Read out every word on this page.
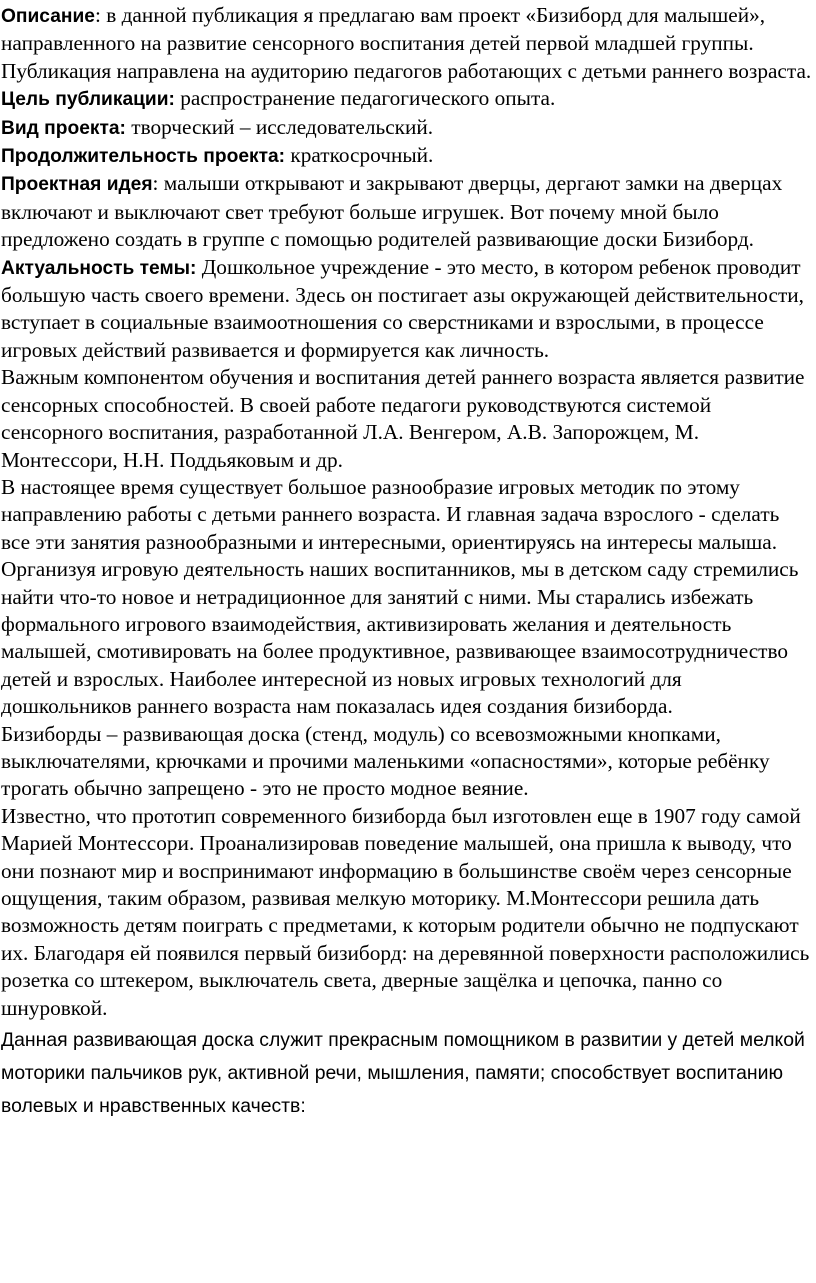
Описание: в данной публикация я предлагаю вам проект «Бизиборд для малышей», направленного на развитие сенсорного воспитания детей первой младшей группы. Публикация направлена на аудиторию педагогов работающих с детьми раннего возраста.

Цель публикации: распространение педагогического опыта.

Вид проекта: творческий – исследовательский.

Продолжительность проекта: краткосрочный.

Проектная идея: малыши открывают и закрывают дверцы, дергают замки на дверцах включают и выключают свет требуют больше игрушек. Вот почему мной было предложено создать в группе с помощью родителей развивающие доски Бизиборд.

Актуальность темы: Дошкольное учреждение - это место, в котором ребенок проводит большую часть своего времени. Здесь он постигает азы окружающей действительности, вступает в социальные взаимоотношения со сверстниками и взрослыми, в процессе игровых действий развивается и формируется как личность.

Важным компонентом обучения и воспитания детей раннего возраста является развитие сенсорных способностей. В своей работе педагоги руководствуются системой сенсорного воспитания, разработанной Л.А. Венгером, А.В. Запорожцем, М. Монтессори, Н.Н. Поддьяковым и др.

В настоящее время существует большое разнообразие игровых методик по этому направлению работы с детьми раннего возраста. И главная задача взрослого - сделать все эти занятия разнообразными и интересными, ориентируясь на интересы малыша.

Организуя игровую деятельность наших воспитанников, мы в детском саду стремились найти что-то новое и нетрадиционное для занятий с ними. Мы старались избежать формального игрового взаимодействия, активизировать желания и деятельность малышей, смотивировать на более продуктивное, развивающее взаимосотрудничество детей и взрослых. Наиболее интересной из новых игровых технологий для дошкольников раннего возраста нам показалась идея создания бизиборда.

Бизиборды – развивающая доска (стенд, модуль) со всевозможными кнопками, выключателями, крючками и прочими маленькими «опасностями», которые ребёнку трогать обычно запрещено - это не просто модное веяние.

Известно, что прототип современного бизиборда был изготовлен еще в 1907 году самой Марией Монтессори. Проанализировав поведение малышей, она пришла к выводу, что они познают мир и воспринимают информацию в большинстве своём через сенсорные ощущения, таким образом, развивая мелкую моторику. М.Монтессори решила дать возможность детям поиграть с предметами, к которым родители обычно не подпускают их. Благодаря ей появился первый бизиборд: на деревянной поверхности расположились розетка со штекером, выключатель света, дверные защёлка и цепочка, панно со шнуровкой.

Данная развивающая доска служит прекрасным помощником в развитии у детей мелкой моторики пальчиков рук, активной речи, мышления, памяти; способствует воспитанию волевых и нравственных качеств:
